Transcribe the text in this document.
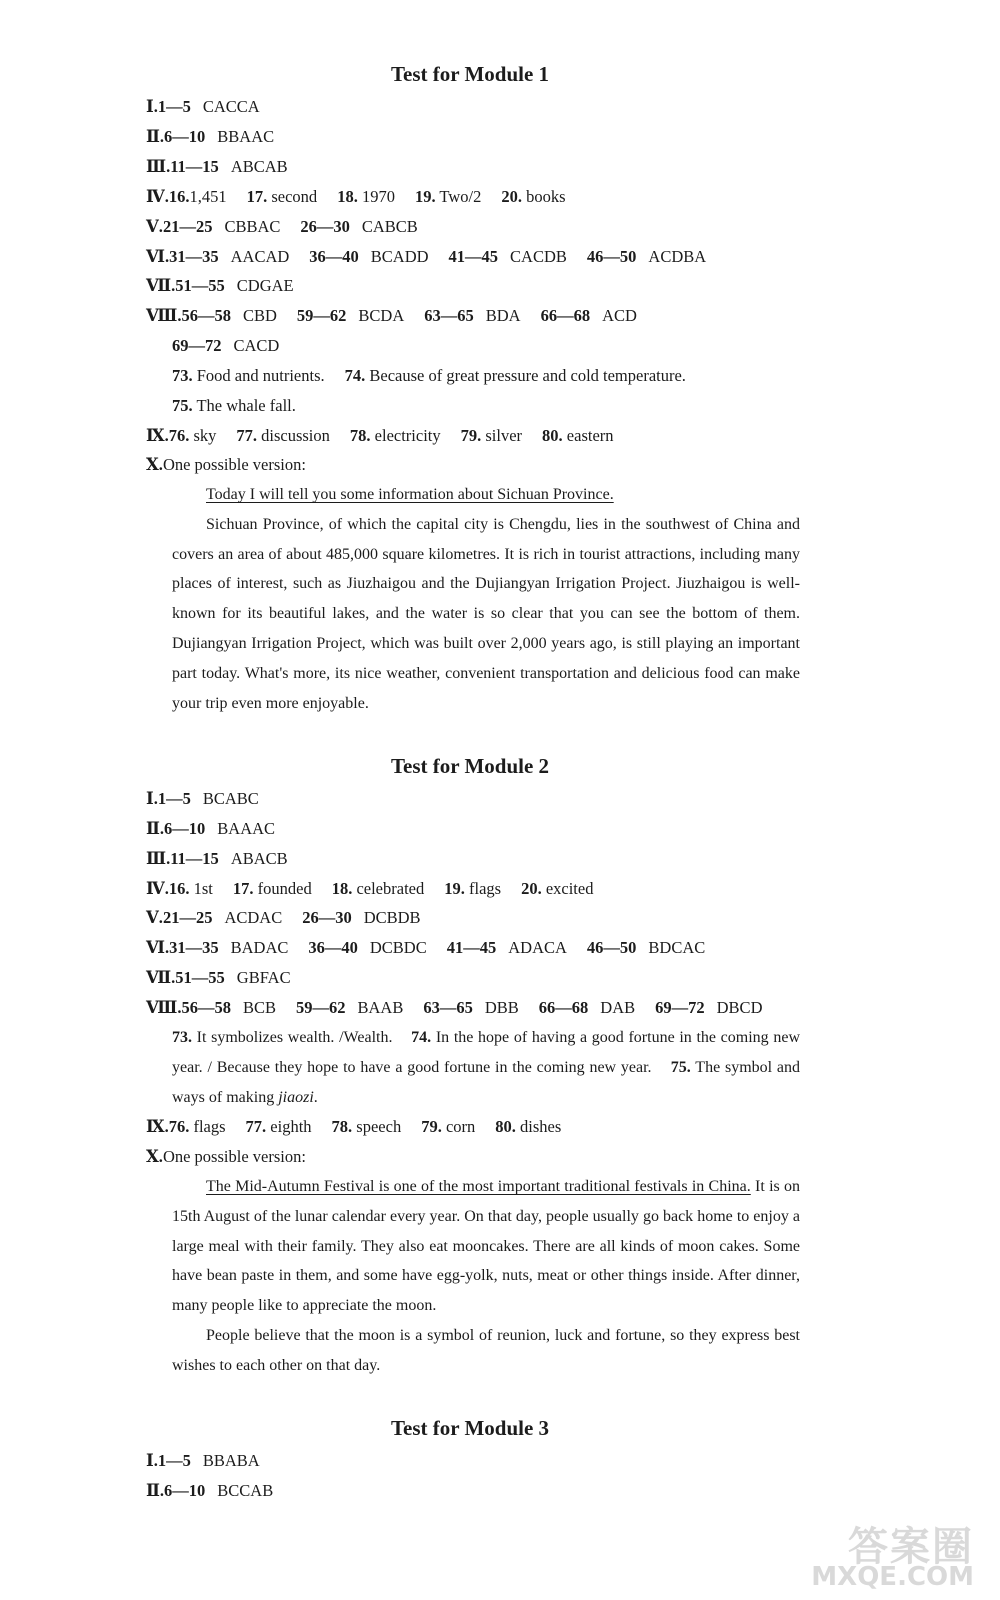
Test for Module 1
Ⅰ.1—5 CACCA
Ⅱ.6—10 BBAAC
Ⅲ.11—15 ABCAB
Ⅳ.16.1,451 17. second 18. 1970 19. Two/2 20. books
Ⅴ.21—25 CBBAC 26—30 CABCB
Ⅵ.31—35 AACAD 36—40 BCADD 41—45 CACDB 46—50 ACDBA
Ⅶ.51—55 CDGAE
Ⅷ.56—58 CBD 59—62 BCDA 63—65 BDA 66—68 ACD
69—72 CACD
73. Food and nutrients. 74. Because of great pressure and cold temperature.
75. The whale fall.
Ⅸ.76. sky 77. discussion 78. electricity 79. silver 80. eastern
Ⅹ.One possible version:

Today I will tell you some information about Sichuan Province.
Sichuan Province, of which the capital city is Chengdu, lies in the southwest of China and covers an area of about 485,000 square kilometres. It is rich in tourist attractions, including many places of interest, such as Jiuzhaigou and the Dujiangyan Irrigation Project. Jiuzhaigou is well-known for its beautiful lakes, and the water is so clear that you can see the bottom of them. Dujiangyan Irrigation Project, which was built over 2,000 years ago, is still playing an important part today. What's more, its nice weather, convenient transportation and delicious food can make your trip even more enjoyable.

Test for Module 2
Ⅰ.1—5 BCABC
Ⅱ.6—10 BAAAC
Ⅲ.11—15 ABACB
Ⅳ.16. 1st 17. founded 18. celebrated 19. flags 20. excited
Ⅴ.21—25 ACDAC 26—30 DCBDB
Ⅵ.31—35 BADAC 36—40 DCBDC 41—45 ADACA 46—50 BDCAC
Ⅶ.51—55 GBFAC
Ⅷ.56—58 BCB 59—62 BAAB 63—65 DBB 66—68 DAB 69—72 DBCD

73. It symbolizes wealth. /Wealth. 74. In the hope of having a good fortune in the coming new year. / Because they hope to have a good fortune in the coming new year. 75. The symbol and ways of making jiaozi.

Ⅸ.76. flags 77. eighth 78. speech 79. corn 80. dishes
Ⅹ.One possible version:

The Mid-Autumn Festival is one of the most important traditional festivals in China. It is on 15th August of the lunar calendar every year. On that day, people usually go back home to enjoy a large meal with their family. They also eat mooncakes. There are all kinds of moon cakes. Some have bean paste in them, and some have egg-yolk, nuts, meat or other things inside. After dinner, many people like to appreciate the moon.
People believe that the moon is a symbol of reunion, luck and fortune, so they express best wishes to each other on that day.

Test for Module 3
Ⅰ.1—5 BBABA
Ⅱ.6—10 BCCAB
答案圈
MXQE.COM
